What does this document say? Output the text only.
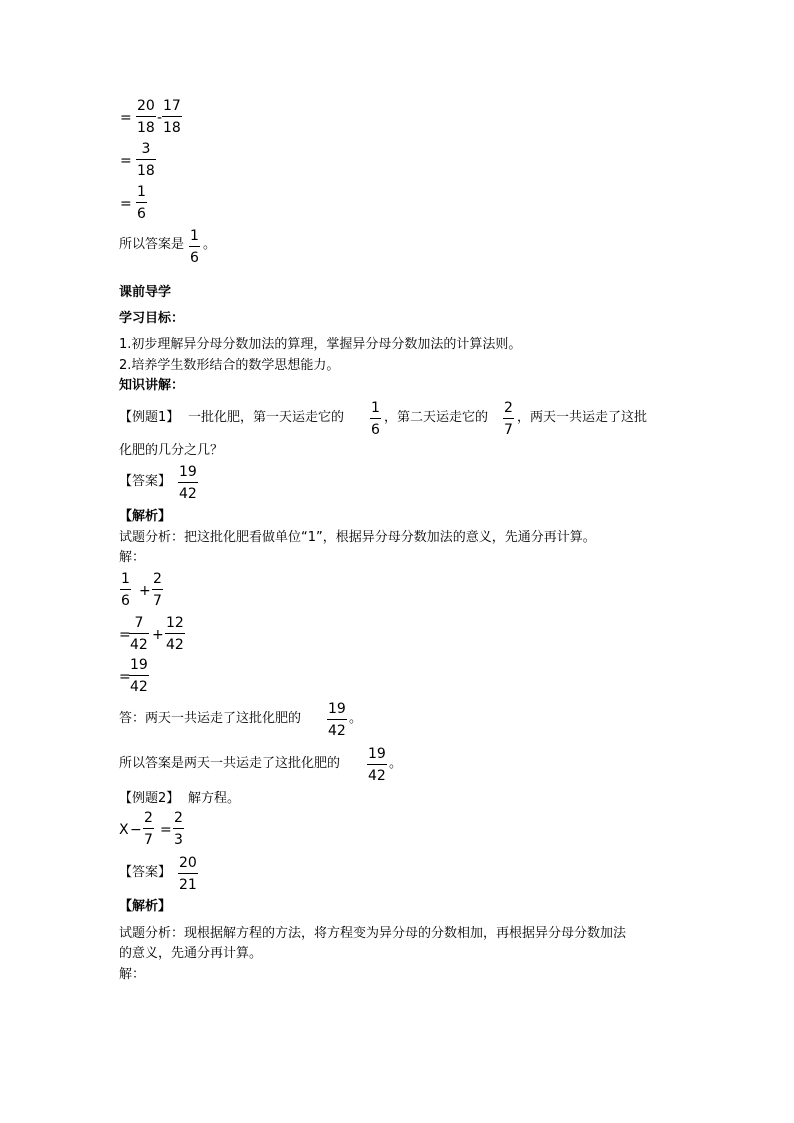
=
20
18
-
17
18
=
3
18
=
1
6
所以答案是
1
6
。
课前导学
学习目标：
1.初步理解异分母分数加法的算理，掌握异分母分数加法的计算法则。
2.培养学生数形结合的数学思想能力。
知识讲解：
【例题1】 一批化肥，第一天运走它的
1
6
，第二天运走它的
2
7
，两天一共运走了这批
化肥的几分之几？
【答案】
19
42
【解析】
试题分析：把这批化肥看做单位“1”，根据异分母分数加法的意义，先通分再计算。
解：
1
6
+
2
7
=
7
42
+
12
42
=
19
42
答：两天一共运走了这批化肥的
19
42
。
所以答案是两天一共运走了这批化肥的
19
42
。
【例题2】 解方程。
X −
2
7
=
2
3
【答案】
20
21
【解析】
试题分析：现根据解方程的方法，将方程变为异分母的分数相加，再根据异分母分数加法
的意义，先通分再计算。
解：
